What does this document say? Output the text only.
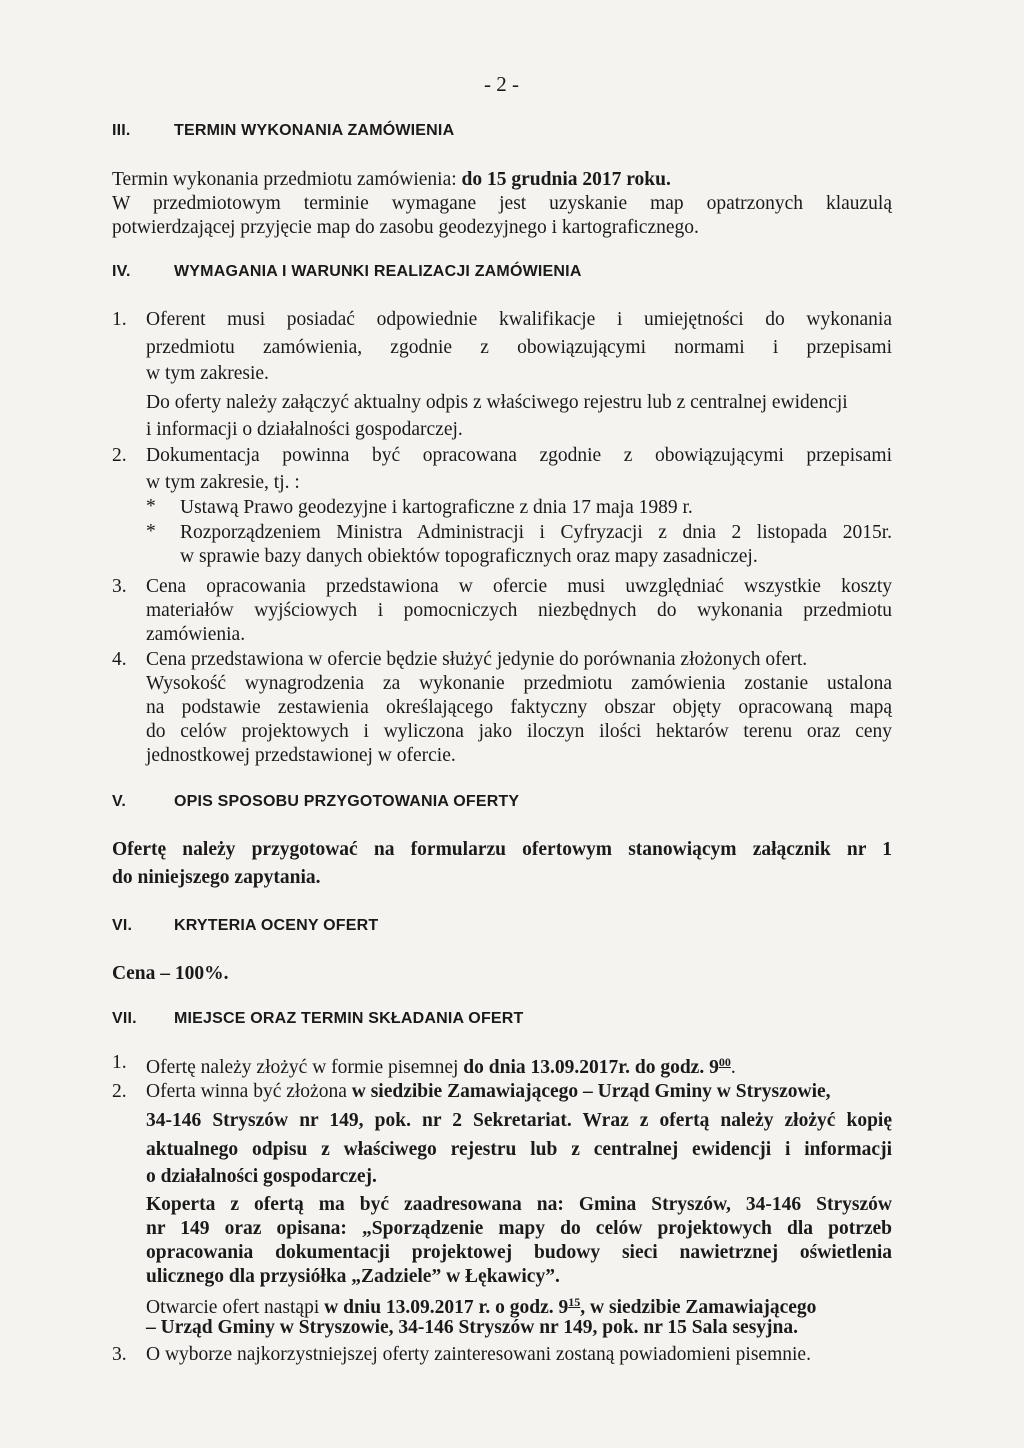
- 2 -
III.	TERMIN WYKONANIA ZAMÓWIENIA

Termin wykonania przedmiotu zamówienia: do 15 grudnia 2017 roku.

W przedmiotowym terminie wymagane jest uzyskanie map opatrzonych klauzulą

potwierdzającej przyjęcie map do zasobu geodezyjnego i kartograficznego.

IV.	WYMAGANIA I WARUNKI REALIZACJI ZAMÓWIENIA
1. Oferent musi posiadać odpowiednie kwalifikacje i umiejętności do wykonania

przedmiotu zamówienia, zgodnie z obowiązującymi normami i przepisami

w tym zakresie.

Do oferty należy załączyć aktualny odpis z właściwego rejestru lub z centralnej ewidencji

i informacji o działalności gospodarczej.

2. Dokumentacja powinna być opracowana zgodnie z obowiązującymi przepisami

w tym zakresie, tj. :

* Ustawą Prawo geodezyjne i kartograficzne z dnia 17 maja 1989 r.

* Rozporządzeniem Ministra Administracji i Cyfryzacji z dnia 2 listopada 2015r.

w sprawie bazy danych obiektów topograficznych oraz mapy zasadniczej.

3. Cena opracowania przedstawiona w ofercie musi uwzględniać wszystkie koszty

materiałów wyjściowych i pomocniczych niezbędnych do wykonania przedmiotu

zamówienia.

4. Cena przedstawiona w ofercie będzie służyć jedynie do porównania złożonych ofert.

Wysokość wynagrodzenia za wykonanie przedmiotu zamówienia zostanie ustalona

na podstawie zestawienia określającego faktyczny obszar objęty opracowaną mapą

do celów projektowych i wyliczona jako iloczyn ilości hektarów terenu oraz ceny

jednostkowej przedstawionej w ofercie.

V.	OPIS SPOSOBU PRZYGOTOWANIA OFERTY

Ofertę należy przygotować na formularzu ofertowym stanowiącym załącznik nr 1

do niniejszego zapytania.

VI.	KRYTERIA OCENY OFERT

Cena – 100%.

VII. MIEJSCE ORAZ TERMIN SKŁADANIA OFERT
1. Ofertę należy złożyć w formie pisemnej do dnia 13.09.2017r. do godz. $9^{00}$.

2. Oferta winna być złożona w siedzibie Zamawiającego – Urząd Gminy w Stryszowie,

34-146 Stryszów nr 149, pok. nr 2 Sekretariat. Wraz z ofertą należy złożyć kopię

aktualnego odpisu z właściwego rejestru lub z centralnej ewidencji i informacji

o działalności gospodarczej.

Koperta z ofertą ma być zaadresowana na: Gmina Stryszów, 34-146 Stryszów

nr 149 oraz opisana: „Sporządzenie mapy do celów projektowych dla potrzeb

opracowania dokumentacji projektowej budowy sieci nawietrznej oświetlenia

ulicznego dla przysiółka „Zadziele” w Łękawicy”.

Otwarcie ofert nastąpi w dniu 13.09.2017 r. o godz. $9^{15}$, w siedzibie Zamawiającego

– Urząd Gminy w Stryszowie, 34-146 Stryszów nr 149, pok. nr 15 Sala sesyjna.

3. O wyborze najkorzystniejszej oferty zainteresowani zostaną powiadomieni pisemnie.
